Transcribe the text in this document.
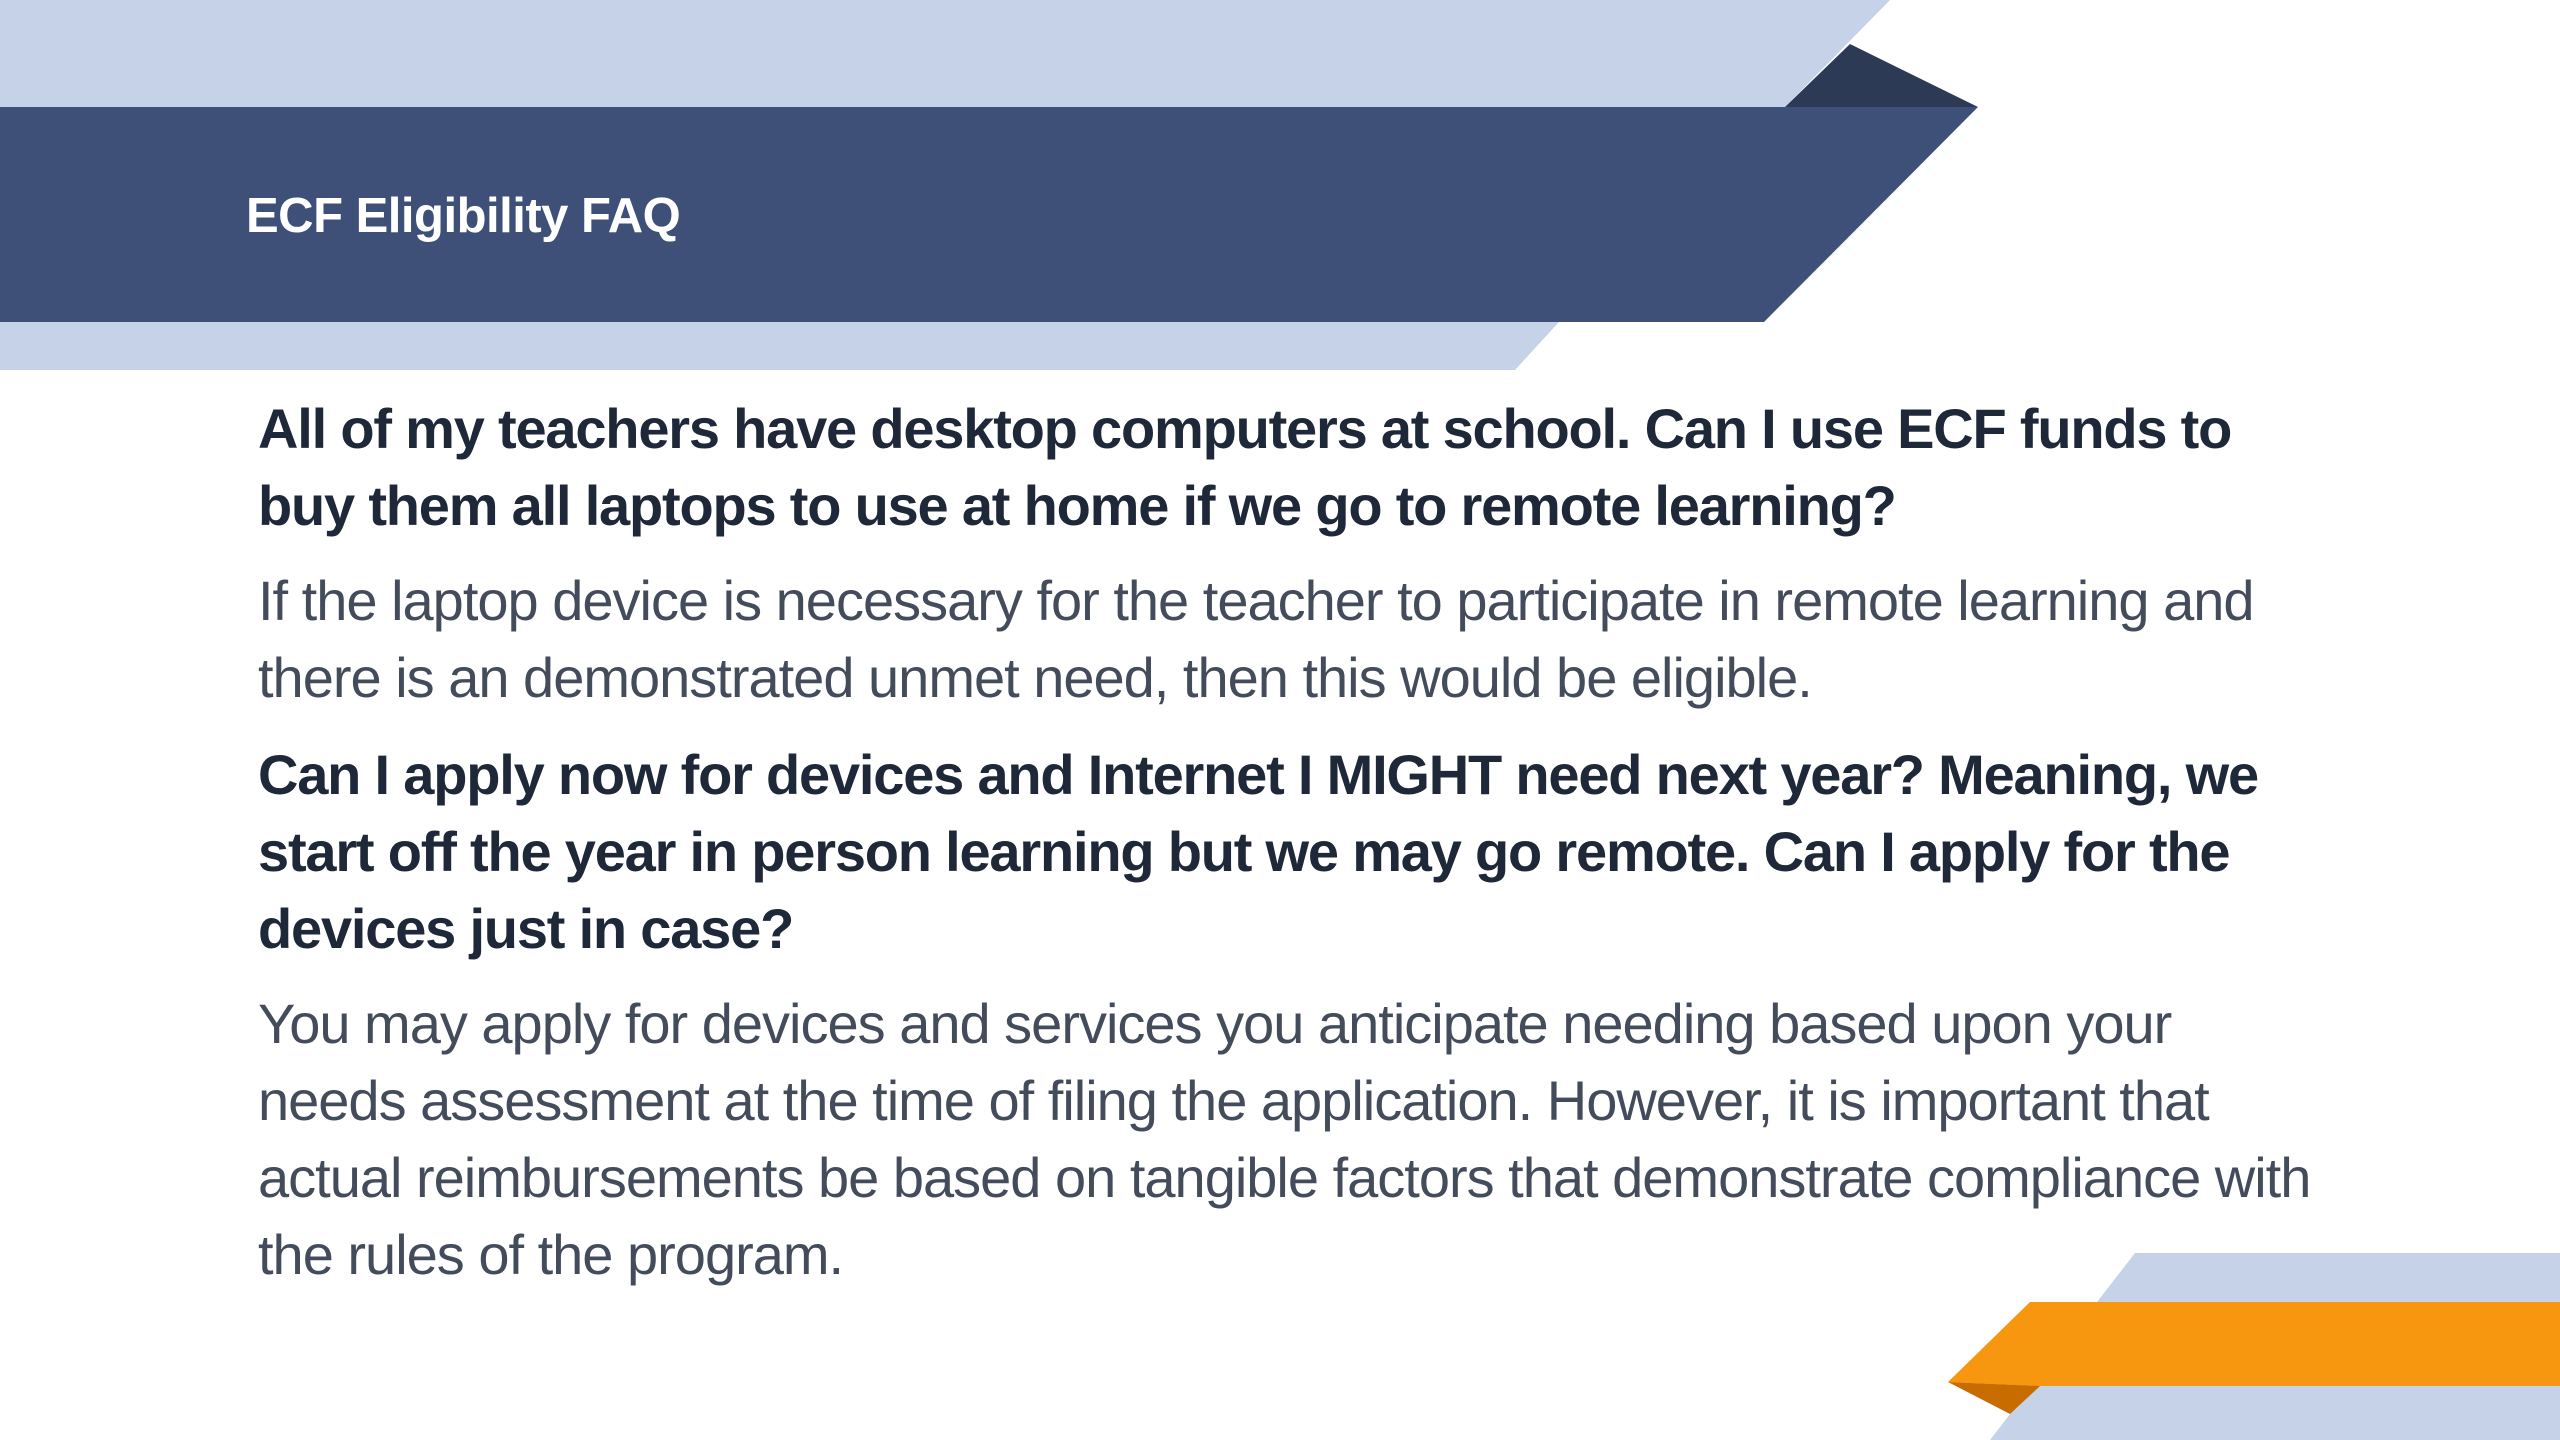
ECF Eligibility FAQ

All of my teachers have desktop computers at school. Can I use ECF funds to buy them all laptops to use at home if we go to remote learning?

If the laptop device is necessary for the teacher to participate in remote learning and there is an demonstrated unmet need, then this would be eligible.

Can I apply now for devices and Internet I MIGHT need next year? Meaning, we start off the year in person learning but we may go remote. Can I apply for the devices just in case?

You may apply for devices and services you anticipate needing based upon your needs assessment at the time of filing the application. However, it is important that actual reimbursements be based on tangible factors that demonstrate compliance with the rules of the program.
